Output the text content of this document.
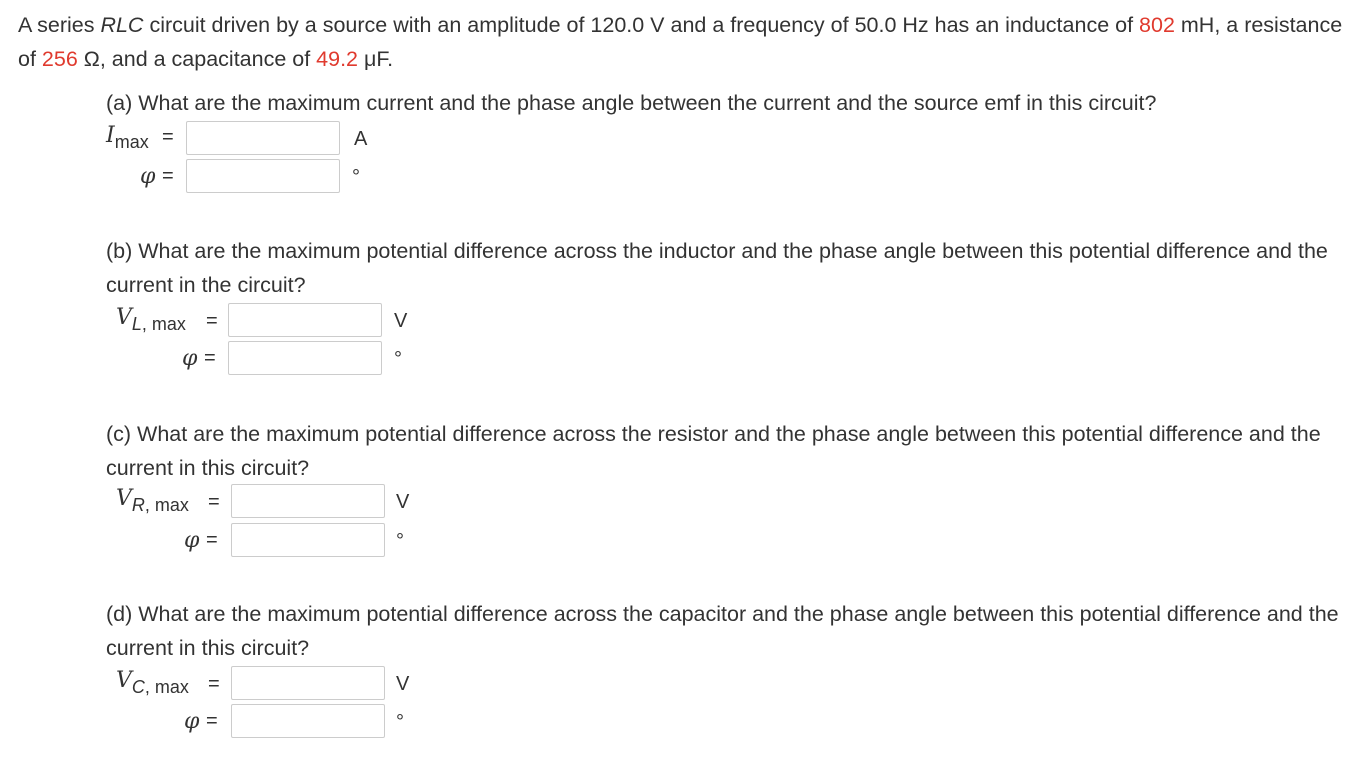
A series RLC circuit driven by a source with an amplitude of 120.0 V and a frequency of 50.0 Hz has an inductance of 802 mH, a resistance of 256 Ω, and a capacitance of 49.2 μF.
(a) What are the maximum current and the phase angle between the current and the source emf in this circuit?
Imax =	A
φ =	°
(b) What are the maximum potential difference across the inductor and the phase angle between this potential difference and the current in the circuit?
VL, max =	V
φ =	°
(c) What are the maximum potential difference across the resistor and the phase angle between this potential difference and the current in this circuit?
VR, max =	V
φ =	°
(d) What are the maximum potential difference across the capacitor and the phase angle between this potential difference and the current in this circuit?
VC, max =	V
φ =	°
